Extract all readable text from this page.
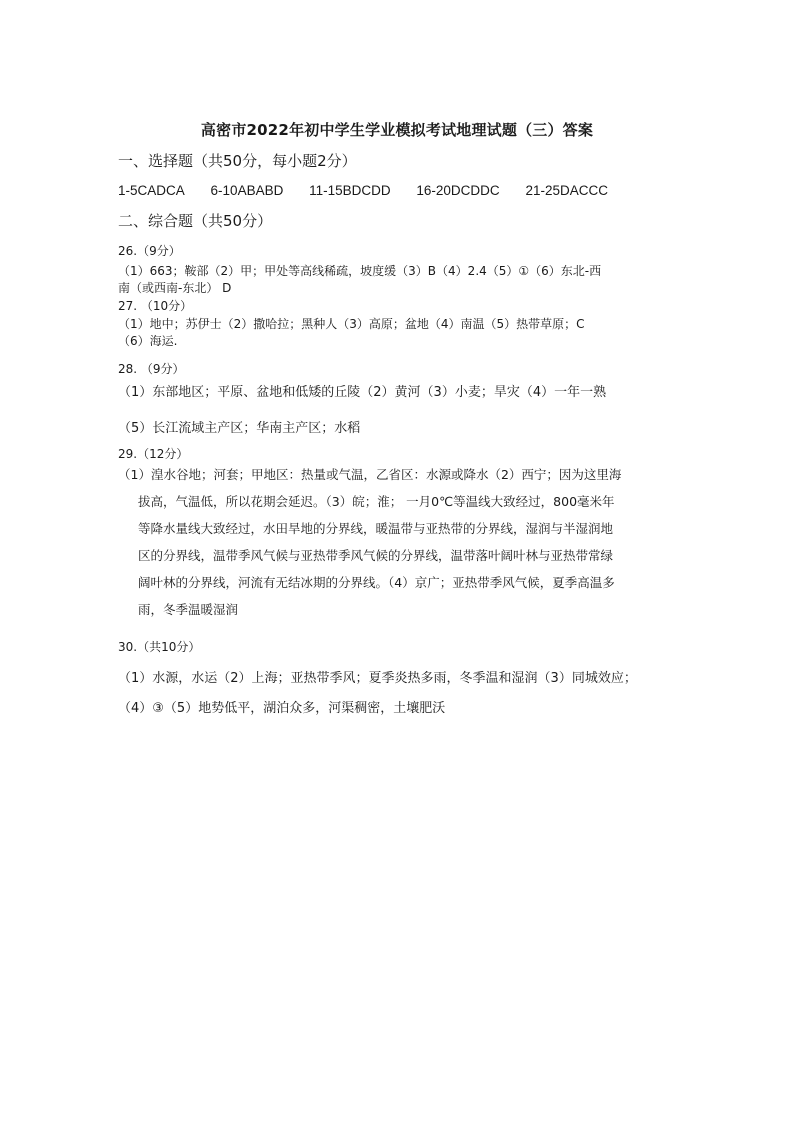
高密市2022年初中学生学业模拟考试地理试题（三）答案
一、选择题（共50分，每小题2分）
1-5CADCA 6-10ABABD 11-15BDCDD 16-20DCDDC 21-25DACCC
二、综合题（共50分）
26.（9分）
（1）663；鞍部（2）甲；甲处等高线稀疏，坡度缓（3）B（4）2.4（5）①（6）东北-西
南（或西南-东北） D
27. （10分）
（1）地中；苏伊士（2）撒哈拉；黑种人（3）高原；盆地（4）南温（5）热带草原；C
（6）海运.
28. （9分）
（1）东部地区；平原、盆地和低矮的丘陵（2）黄河（3）小麦；旱灾（4）一年一熟
（5）长江流域主产区；华南主产区；水稻
29.（12分）
（1）湟水谷地；河套；甲地区：热量或气温，乙省区：水源或降水（2）西宁；因为这里海
拔高，气温低，所以花期会延迟。（3）皖；淮； 一月0℃等温线大致经过，800毫米年
等降水量线大致经过，水田旱地的分界线，暖温带与亚热带的分界线，湿润与半湿润地
区的分界线，温带季风气候与亚热带季风气候的分界线，温带落叶阔叶林与亚热带常绿
阔叶林的分界线，河流有无结冰期的分界线。（4）京广；亚热带季风气候，夏季高温多
雨，冬季温暖湿润
30.（共10分）
（1）水源，水运（2）上海；亚热带季风；夏季炎热多雨，冬季温和湿润（3）同城效应；
（4）③（5）地势低平，湖泊众多，河渠稠密，土壤肥沃
